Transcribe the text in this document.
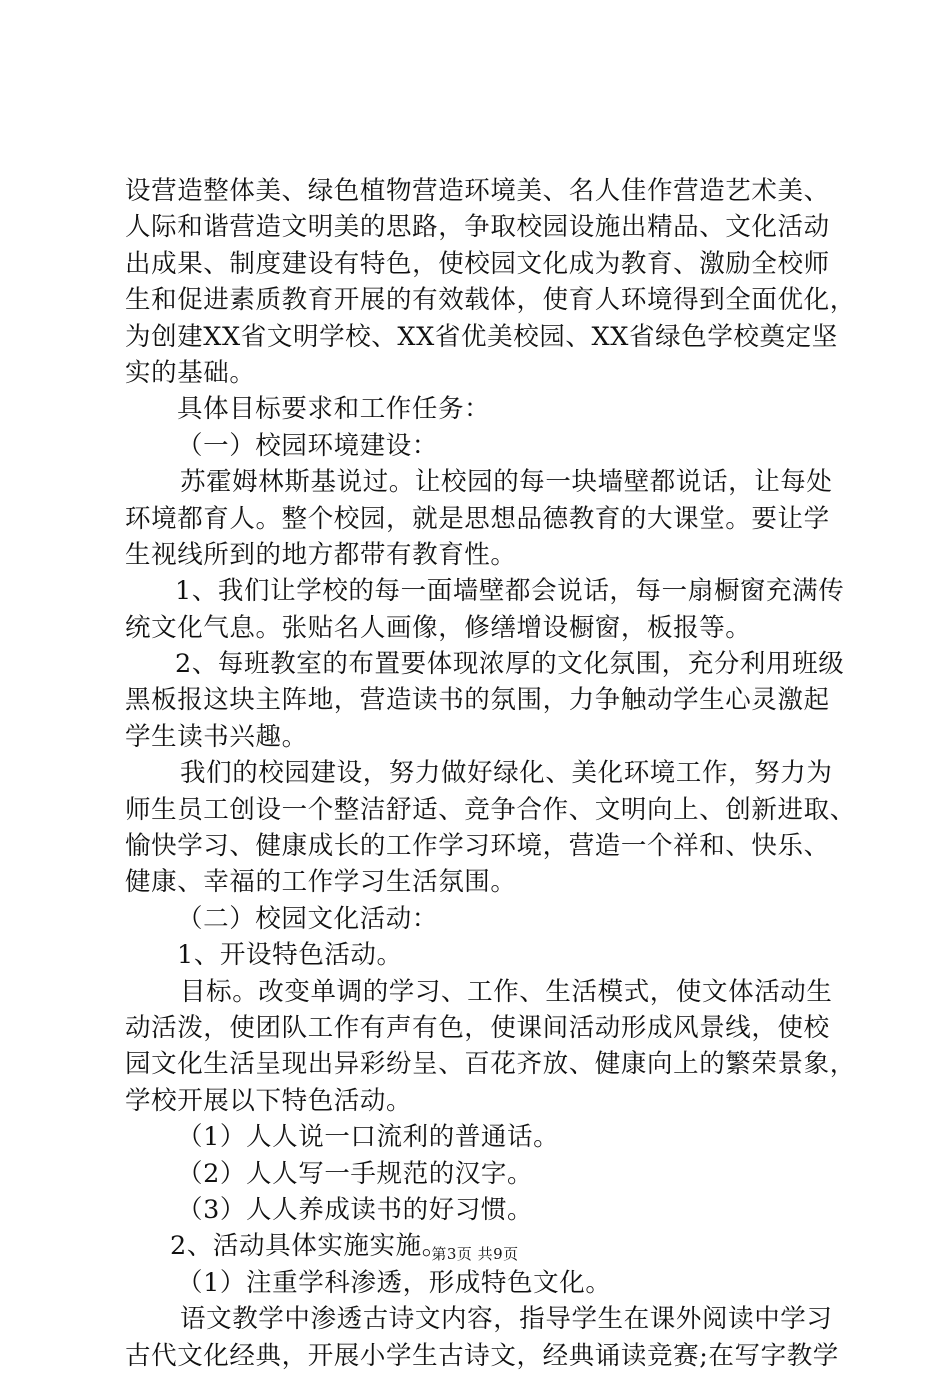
设营造整体美、绿色植物营造环境美、名人佳作营造艺术美、
人际和谐营造文明美的思路，争取校园设施出精品、文化活动
出成果、制度建设有特色，使校园文化成为教育、激励全校师
生和促进素质教育开展的有效载体，使育人环境得到全面优化，
为创建XX省文明学校、XX省优美校园、XX省绿色学校奠定坚
实的基础。
具体目标要求和工作任务：
（一）校园环境建设：
苏霍姆林斯基说过。让校园的每一块墙壁都说话，让每处
环境都育人。整个校园，就是思想品德教育的大课堂。要让学
生视线所到的地方都带有教育性。
1、我们让学校的每一面墙壁都会说话，每一扇橱窗充满传
统文化气息。张贴名人画像，修缮增设橱窗，板报等。
2、每班教室的布置要体现浓厚的文化氛围，充分利用班级
黑板报这块主阵地，营造读书的氛围，力争触动学生心灵激起
学生读书兴趣。
我们的校园建设，努力做好绿化、美化环境工作，努力为
师生员工创设一个整洁舒适、竞争合作、文明向上、创新进取、
愉快学习、健康成长的工作学习环境，营造一个祥和、快乐、
健康、幸福的工作学习生活氛围。
（二）校园文化活动：
1、开设特色活动。
目标。改变单调的学习、工作、生活模式，使文体活动生
动活泼，使团队工作有声有色，使课间活动形成风景线，使校
园文化生活呈现出异彩纷呈、百花齐放、健康向上的繁荣景象，
学校开展以下特色活动。
（1）人人说一口流利的普通话。
（2）人人写一手规范的汉字。
（3）人人养成读书的好习惯。
2、活动具体实施实施。
（1）注重学科渗透，形成特色文化。
语文教学中渗透古诗文内容，指导学生在课外阅读中学习
古代文化经典，开展小学生古诗文，经典诵读竞赛;在写字教学
第3页 共9页
